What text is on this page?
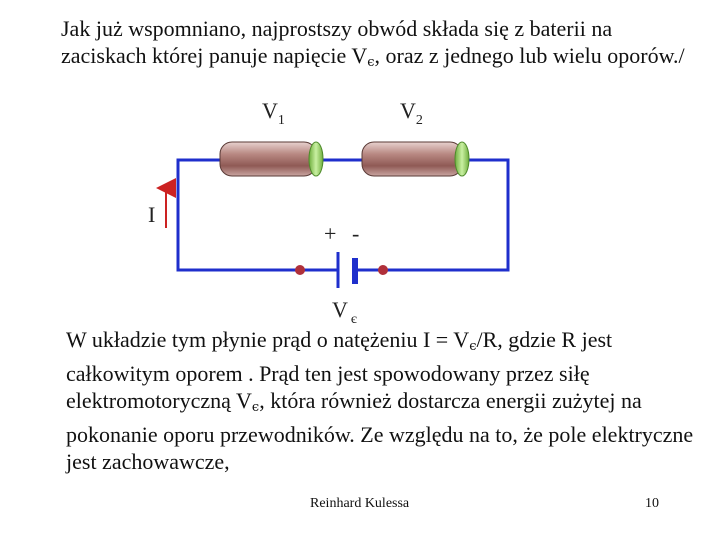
Jak już wspomniano, najprostszy obwód składa się z baterii na zaciskach której panuje napięcie Vє, oraz z jednego lub wielu oporów./

$V_1$	$V_2$
I
+ -
V $_є$

W układzie tym płynie prąd o natężeniu I = Vє/R, gdzie R jest całkowitym oporem . Prąd ten jest spowodowany przez siłę elektromotoryczną Vє, która również dostarcza energii zużytej na pokonanie oporu przewodników. Ze względu na to, że pole elektryczne jest zachowawcze,

Reinhard Kulessa	10
